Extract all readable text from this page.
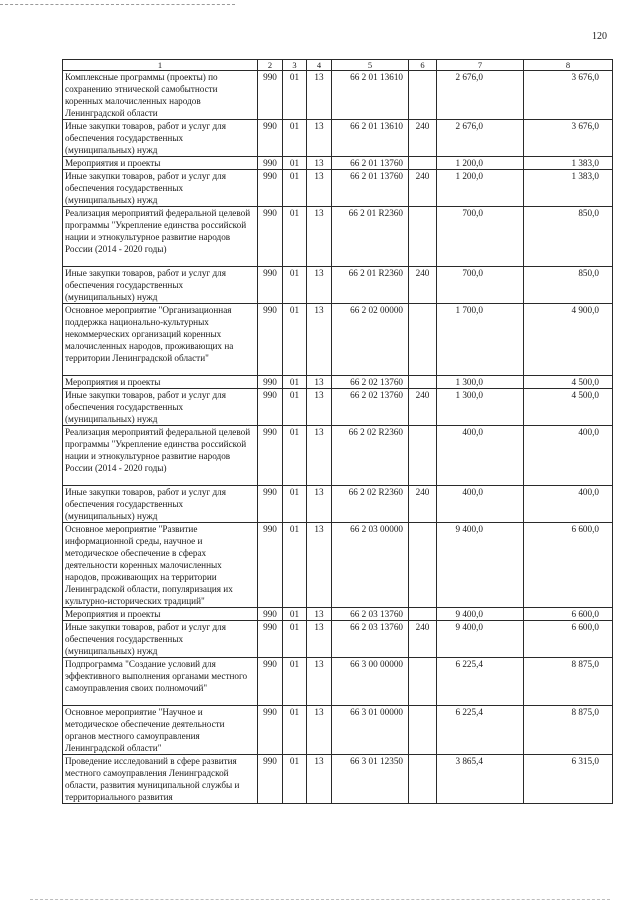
120
1	2	3	4	5	6	7	8
Комплексные программы (проекты) по сохранению этнической самобытности коренных малочисленных народов Ленинградской области	990	01	13	66 2 01 13610		2 676,0	3 676,0
Иные закупки товаров, работ и услуг для обеспечения государственных (муниципальных) нужд	990	01	13	66 2 01 13610	240	2 676,0	3 676,0
Мероприятия и проекты	990	01	13	66 2 01 13760		1 200,0	1 383,0
Иные закупки товаров, работ и услуг для обеспечения государственных (муниципальных) нужд	990	01	13	66 2 01 13760	240	1 200,0	1 383,0
Реализация мероприятий федеральной целевой программы "Укрепление единства российской нации и этнокультурное развитие народов России (2014 - 2020 годы)	990	01	13	66 2 01 R2360		700,0	850,0
Иные закупки товаров, работ и услуг для обеспечения государственных (муниципальных) нужд	990	01	13	66 2 01 R2360	240	700,0	850,0
Основное мероприятие "Организационная поддержка национально-культурных некоммерческих организаций коренных малочисленных народов, проживающих на территории Ленинградской области"	990	01	13	66 2 02 00000		1 700,0	4 900,0
Мероприятия и проекты	990	01	13	66 2 02 13760		1 300,0	4 500,0
Иные закупки товаров, работ и услуг для обеспечения государственных (муниципальных) нужд	990	01	13	66 2 02 13760	240	1 300,0	4 500,0
Реализация мероприятий федеральной целевой программы "Укрепление единства российской нации и этнокультурное развитие народов России (2014 - 2020 годы)	990	01	13	66 2 02 R2360		400,0	400,0
Иные закупки товаров, работ и услуг для обеспечения государственных (муниципальных) нужд	990	01	13	66 2 02 R2360	240	400,0	400,0
Основное мероприятие "Развитие информационной среды, научное и методическое обеспечение в сферах деятельности коренных малочисленных народов, проживающих на территории Ленинградской области, популяризация их культурно-исторических традиций"	990	01	13	66 2 03 00000		9 400,0	6 600,0
Мероприятия и проекты	990	01	13	66 2 03 13760		9 400,0	6 600,0
Иные закупки товаров, работ и услуг для обеспечения государственных (муниципальных) нужд	990	01	13	66 2 03 13760	240	9 400,0	6 600,0
Подпрограмма "Создание условий для эффективного выполнения органами местного самоуправления своих полномочий"	990	01	13	66 3 00 00000		6 225,4	8 875,0
Основное мероприятие "Научное и методическое обеспечение деятельности органов местного самоуправления Ленинградской области"	990	01	13	66 3 01 00000		6 225,4	8 875,0
Проведение исследований в сфере развития местного самоуправления Ленинградской области, развития муниципальной службы и территориального развития	990	01	13	66 3 01 12350		3 865,4	6 315,0
